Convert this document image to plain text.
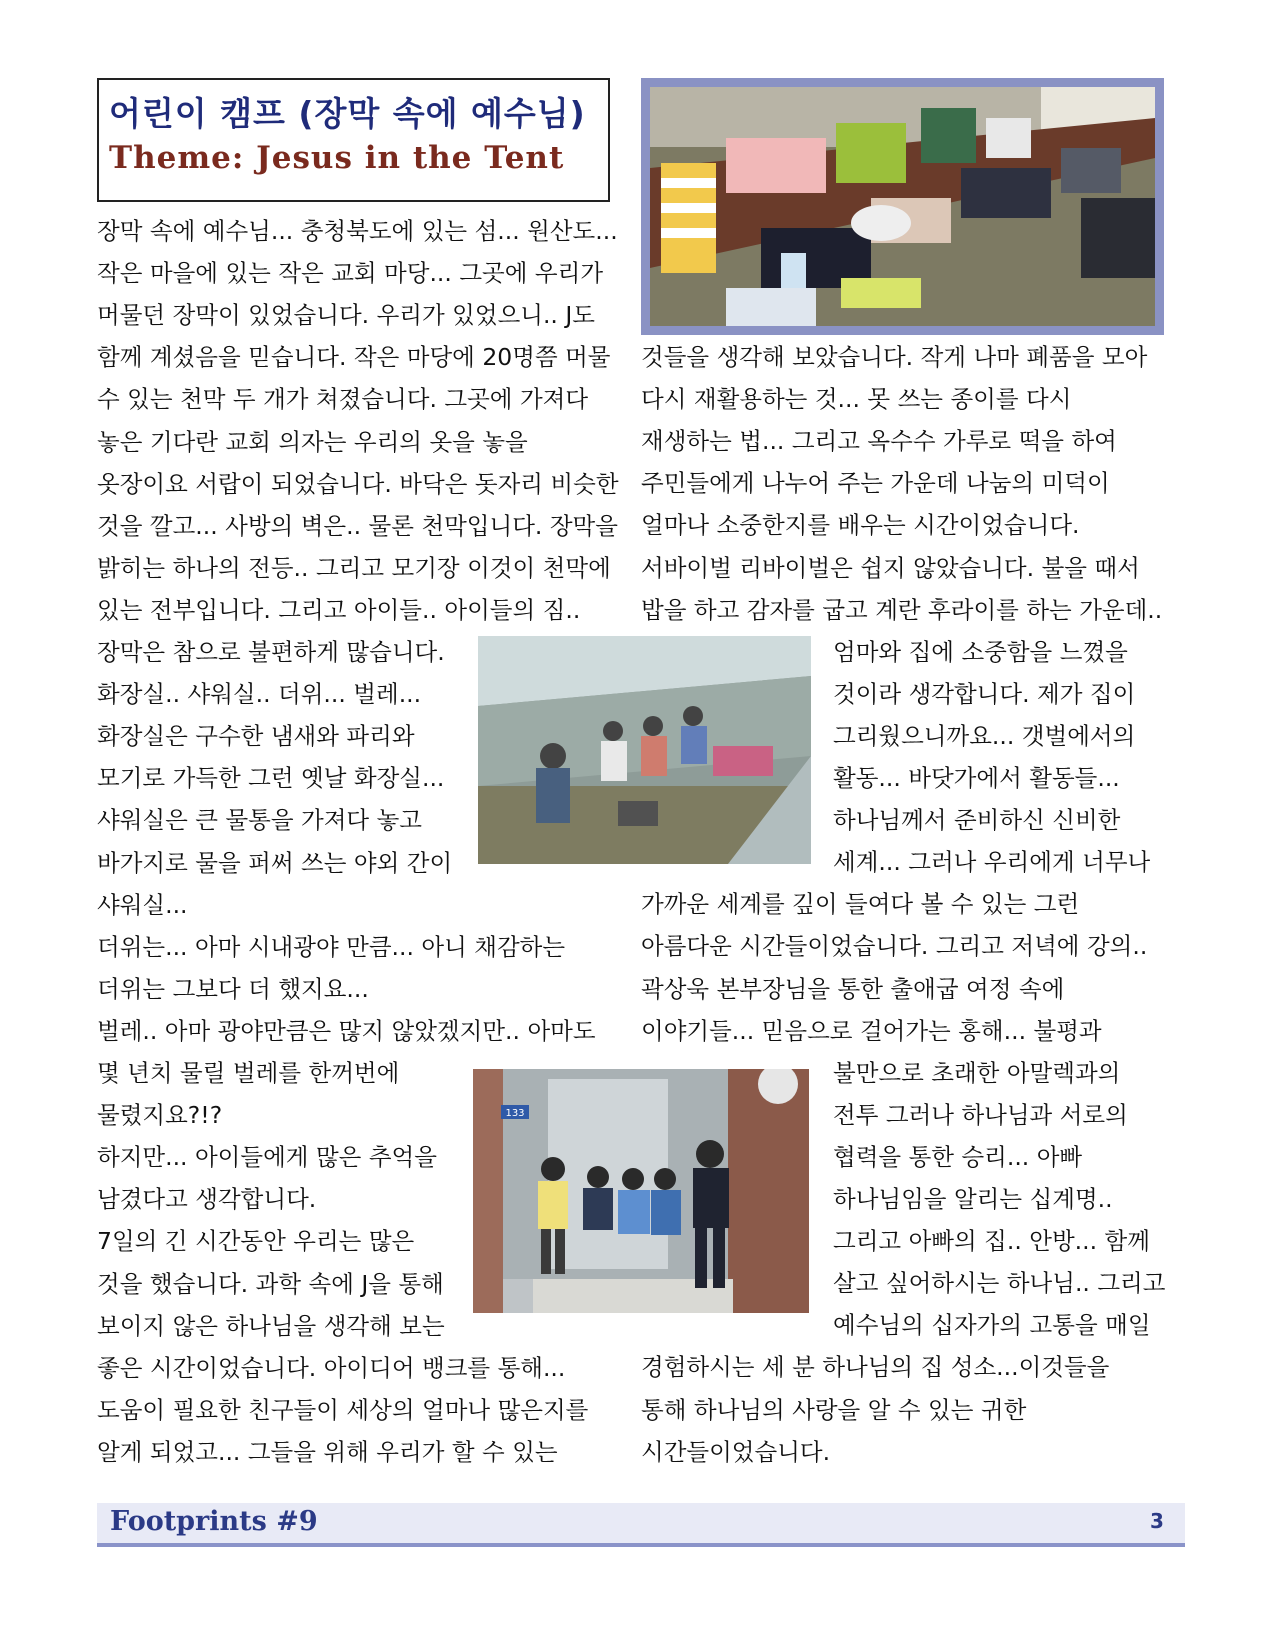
어린이 캠프 (장막 속에 예수님)
Theme: Jesus in the Tent
133
장막 속에 예수님... 충청북도에 있는 섬... 원산도...
작은 마을에 있는 작은 교회 마당... 그곳에 우리가
머물던 장막이 있었습니다. 우리가 있었으니.. J도
함께 계셨음을 믿습니다. 작은 마당에 20명쯤 머물
수 있는 천막 두 개가 쳐졌습니다. 그곳에 가져다
놓은 기다란 교회 의자는 우리의 옷을 놓을
옷장이요 서랍이 되었습니다. 바닥은 돗자리 비슷한
것을 깔고... 사방의 벽은.. 물론 천막입니다. 장막을
밝히는 하나의 전등.. 그리고 모기장 이것이 천막에
있는 전부입니다. 그리고 아이들.. 아이들의 짐..
장막은 참으로 불편하게 많습니다.
화장실.. 샤워실.. 더위... 벌레...
화장실은 구수한 냄새와 파리와
모기로 가득한 그런 옛날 화장실...
샤워실은 큰 물통을 가져다 놓고
바가지로 물을 퍼써 쓰는 야외 간이
샤워실...
더위는... 아마 시내광야 만큼... 아니 채감하는
더위는 그보다 더 했지요...
벌레.. 아마 광야만큼은 많지 않았겠지만.. 아마도
몇 년치 물릴 벌레를 한꺼번에
물렸지요?!?
하지만... 아이들에게 많은 추억을
남겼다고 생각합니다.
7일의 긴 시간동안 우리는 많은
것을 했습니다. 과학 속에 J을 통해
보이지 않은 하나님을 생각해 보는
좋은 시간이었습니다. 아이디어 뱅크를 통해...
도움이 필요한 친구들이 세상의 얼마나 많은지를
알게 되었고... 그들을 위해 우리가 할 수 있는
것들을 생각해 보았습니다. 작게 나마 폐품을 모아
다시 재활용하는 것... 못 쓰는 종이를 다시
재생하는 법... 그리고 옥수수 가루로 떡을 하여
주민들에게 나누어 주는 가운데 나눔의 미덕이
얼마나 소중한지를 배우는 시간이었습니다.
서바이벌 리바이벌은 쉽지 않았습니다. 불을 때서
밥을 하고 감자를 굽고 계란 후라이를 하는 가운데..
엄마와 집에 소중함을 느꼈을
것이라 생각합니다. 제가 집이
그리웠으니까요... 갯벌에서의
활동... 바닷가에서 활동들...
하나님께서 준비하신 신비한
세계... 그러나 우리에게 너무나
가까운 세계를 깊이 들여다 볼 수 있는 그런
아름다운 시간들이었습니다. 그리고 저녁에 강의..
곽상욱 본부장님을 통한 출애굽 여정 속에
이야기들... 믿음으로 걸어가는 홍해... 불평과
불만으로 초래한 아말렉과의
전투 그러나 하나님과 서로의
협력을 통한 승리... 아빠
하나님임을 알리는 십계명..
그리고 아빠의 집.. 안방... 함께
살고 싶어하시는 하나님.. 그리고
예수님의 십자가의 고통을 매일
경험하시는 세 분 하나님의 집 성소...이것들을
통해 하나님의 사랑을 알 수 있는 귀한
시간들이었습니다.
Footprints #9	3
